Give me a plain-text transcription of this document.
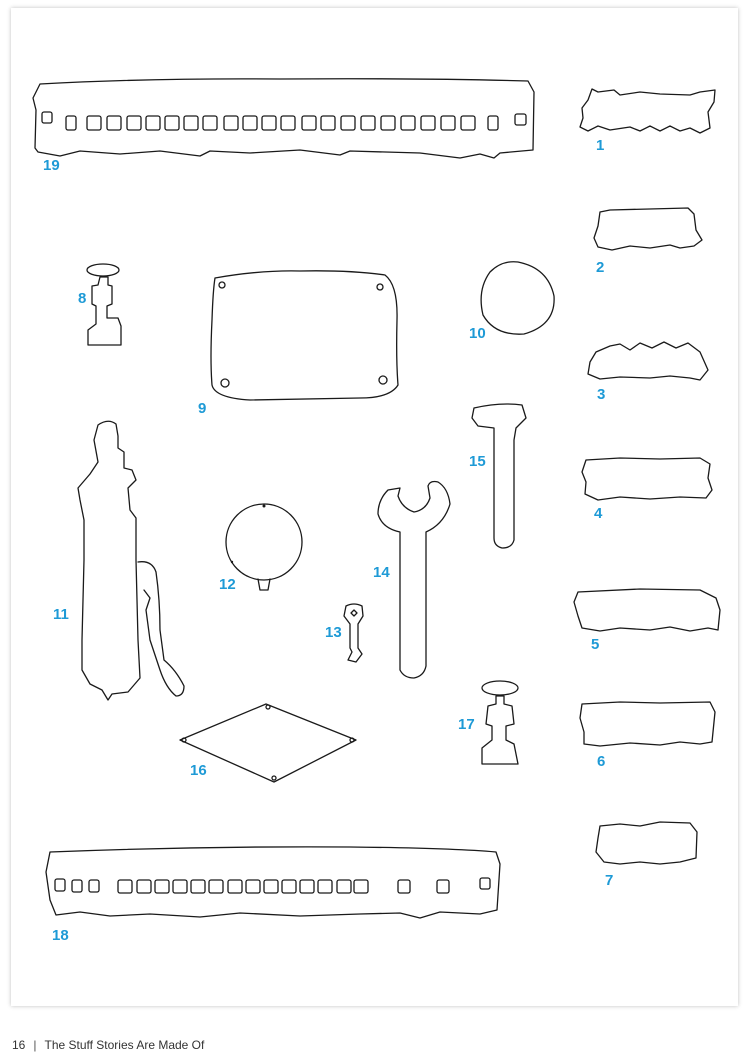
19
1
2
8
10
3
9
15
4
14
12
11
13
5
17
6
16
7
18
16 | The Stuff Stories Are Made Of
